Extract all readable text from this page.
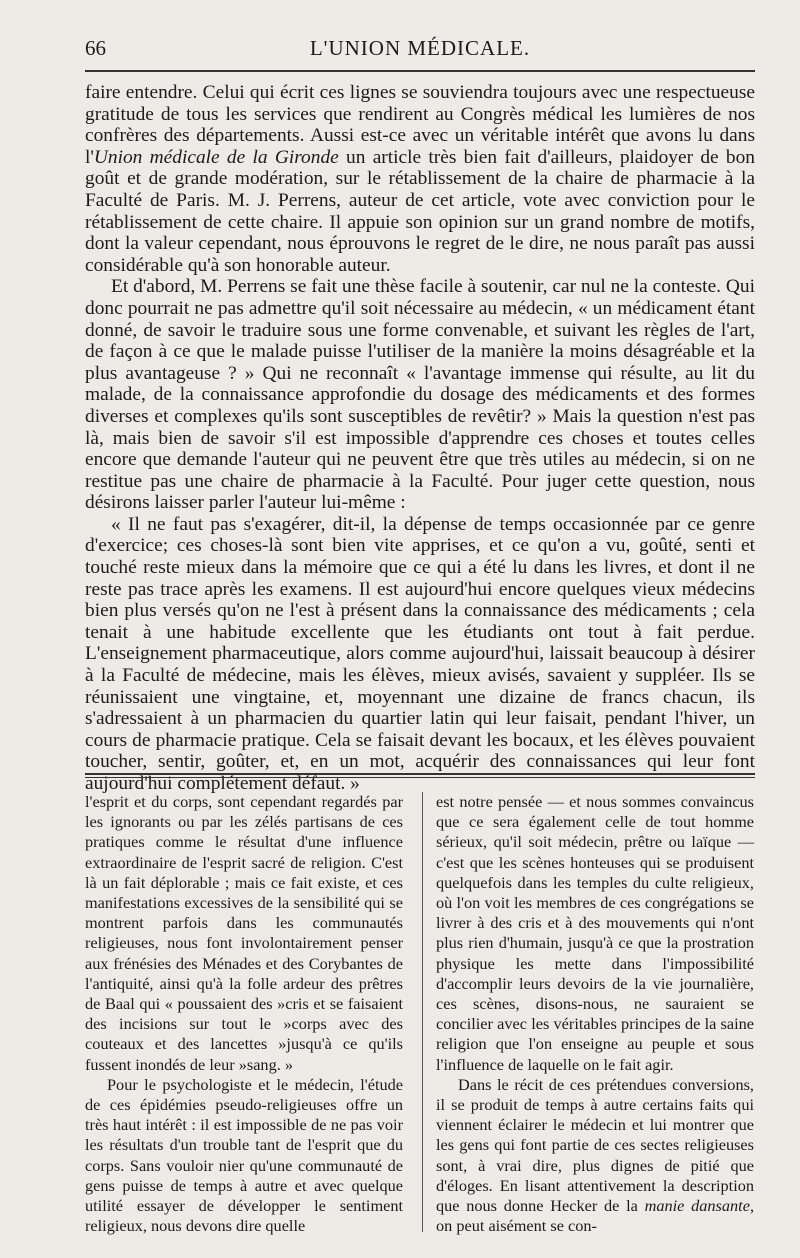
66	L'UNION MÉDICALE.

faire entendre. Celui qui écrit ces lignes se souviendra toujours avec une respectueuse gratitude de tous les services que rendirent au Congrès médical les lumières de nos confrères des départements. Aussi est-ce avec un véritable intérêt que avons lu dans l'Union médicale de la Gironde un article très bien fait d'ailleurs, plaidoyer de bon goût et de grande modération, sur le rétablissement de la chaire de pharmacie à la Faculté de Paris. M. J. Perrens, auteur de cet article, vote avec conviction pour le rétablissement de cette chaire. Il appuie son opinion sur un grand nombre de motifs, dont la valeur cependant, nous éprouvons le regret de le dire, ne nous paraît pas aussi considérable qu'à son honorable auteur.

Et d'abord, M. Perrens se fait une thèse facile à soutenir, car nul ne la conteste. Qui donc pourrait ne pas admettre qu'il soit nécessaire au médecin, « un médicament étant donné, de savoir le traduire sous une forme convenable, et suivant les règles de l'art, de façon à ce que le malade puisse l'utiliser de la manière la moins désagréable et la plus avantageuse ? » Qui ne reconnaît « l'avantage immense qui résulte, au lit du malade, de la connaissance approfondie du dosage des médicaments et des formes diverses et complexes qu'ils sont susceptibles de revêtir? » Mais la question n'est pas là, mais bien de savoir s'il est impossible d'apprendre ces choses et toutes celles encore que demande l'auteur qui ne peuvent être que très utiles au médecin, si on ne restitue pas une chaire de pharmacie à la Faculté. Pour juger cette question, nous désirons laisser parler l'auteur lui-même :

« Il ne faut pas s'exagérer, dit-il, la dépense de temps occasionnée par ce genre d'exercice; ces choses-là sont bien vite apprises, et ce qu'on a vu, goûté, senti et touché reste mieux dans la mémoire que ce qui a été lu dans les livres, et dont il ne reste pas trace après les examens. Il est aujourd'hui encore quelques vieux médecins bien plus versés qu'on ne l'est à présent dans la connaissance des médicaments ; cela tenait à une habitude excellente que les étudiants ont tout à fait perdue. L'enseignement pharmaceutique, alors comme aujourd'hui, laissait beaucoup à désirer à la Faculté de médecine, mais les élèves, mieux avisés, savaient y suppléer. Ils se réunissaient une vingtaine, et, moyennant une dizaine de francs chacun, ils s'adressaient à un pharmacien du quartier latin qui leur faisait, pendant l'hiver, un cours de pharmacie pratique. Cela se faisait devant les bocaux, et les élèves pouvaient toucher, sentir, goûter, et, en un mot, acquérir des connaissances qui leur font aujourd'hui complétement défaut. »

l'esprit et du corps, sont cependant regardés par les ignorants ou par les zélés partisans de ces pratiques comme le résultat d'une influence extraordinaire de l'esprit sacré de religion. C'est là un fait déplorable ; mais ce fait existe, et ces manifestations excessives de la sensibilité qui se montrent parfois dans les communautés religieuses, nous font involontairement penser aux frénésies des Ménades et des Corybantes de l'antiquité, ainsi qu'à la folle ardeur des prêtres de Baal qui « poussaient des »cris et se faisaient des incisions sur tout le »corps avec des couteaux et des lancettes »jusqu'à ce qu'ils fussent inondés de leur »sang. »

Pour le psychologiste et le médecin, l'étude de ces épidémies pseudo-religieuses offre un très haut intérêt : il est impossible de ne pas voir les résultats d'un trouble tant de l'esprit que du corps. Sans vouloir nier qu'une communauté de gens puisse de temps à autre et avec quelque utilité essayer de développer le sentiment religieux, nous devons dire quelle

est notre pensée — et nous sommes convaincus que ce sera également celle de tout homme sérieux, qu'il soit médecin, prêtre ou laïque — c'est que les scènes honteuses qui se produisent quelquefois dans les temples du culte religieux, où l'on voit les membres de ces congrégations se livrer à des cris et à des mouvements qui n'ont plus rien d'humain, jusqu'à ce que la prostration physique les mette dans l'impossibilité d'accomplir leurs devoirs de la vie journalière, ces scènes, disons-nous, ne sauraient se concilier avec les véritables principes de la saine religion que l'on enseigne au peuple et sous l'influence de laquelle on le fait agir.

Dans le récit de ces prétendues conversions, il se produit de temps à autre certains faits qui viennent éclairer le médecin et lui montrer que les gens qui font partie de ces sectes religieuses sont, à vrai dire, plus dignes de pitié que d'éloges. En lisant attentivement la description que nous donne Hecker de la manie dansante, on peut aisément se con-
